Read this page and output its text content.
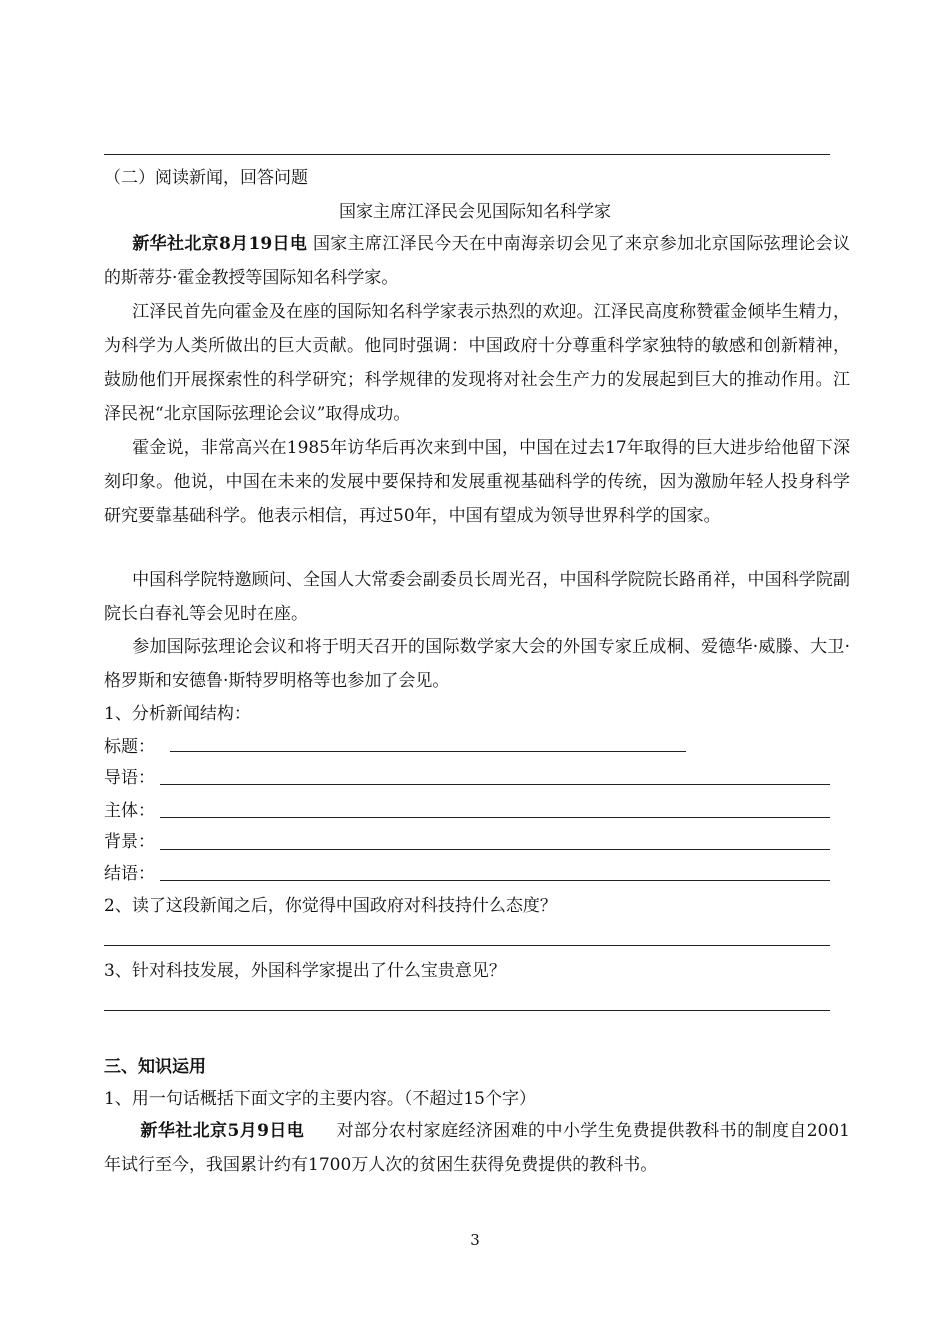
（二）阅读新闻，回答问题
国家主席江泽民会见国际知名科学家
新华社北京8月19日电 国家主席江泽民今天在中南海亲切会见了来京参加北京国际弦理论会议的斯蒂芬·霍金教授等国际知名科学家。
江泽民首先向霍金及在座的国际知名科学家表示热烈的欢迎。江泽民高度称赞霍金倾毕生精力，为科学为人类所做出的巨大贡献。他同时强调：中国政府十分尊重科学家独特的敏感和创新精神，鼓励他们开展探索性的科学研究；科学规律的发现将对社会生产力的发展起到巨大的推动作用。江泽民祝“北京国际弦理论会议”取得成功。
霍金说，非常高兴在1985年访华后再次来到中国，中国在过去17年取得的巨大进步给他留下深刻印象。他说，中国在未来的发展中要保持和发展重视基础科学的传统，因为激励年轻人投身科学研究要靠基础科学。他表示相信，再过50年，中国有望成为领导世界科学的国家。
中国科学院特邀顾问、全国人大常委会副委员长周光召，中国科学院院长路甬祥，中国科学院副院长白春礼等会见时在座。
参加国际弦理论会议和将于明天召开的国际数学家大会的外国专家丘成桐、爱德华·威滕、大卫·格罗斯和安德鲁·斯特罗明格等也参加了会见。
1、分析新闻结构：
标题：
导语：
主体：
背景：
结语：
2、读了这段新闻之后，你觉得中国政府对科技持什么态度？
3、针对科技发展，外国科学家提出了什么宝贵意见？
三、知识运用
1、用一句话概括下面文字的主要内容。（不超过15个字）
新华社北京5月9日电 对部分农村家庭经济困难的中小学生免费提供教科书的制度自2001年试行至今，我国累计约有1700万人次的贫困生获得免费提供的教科书。
3
